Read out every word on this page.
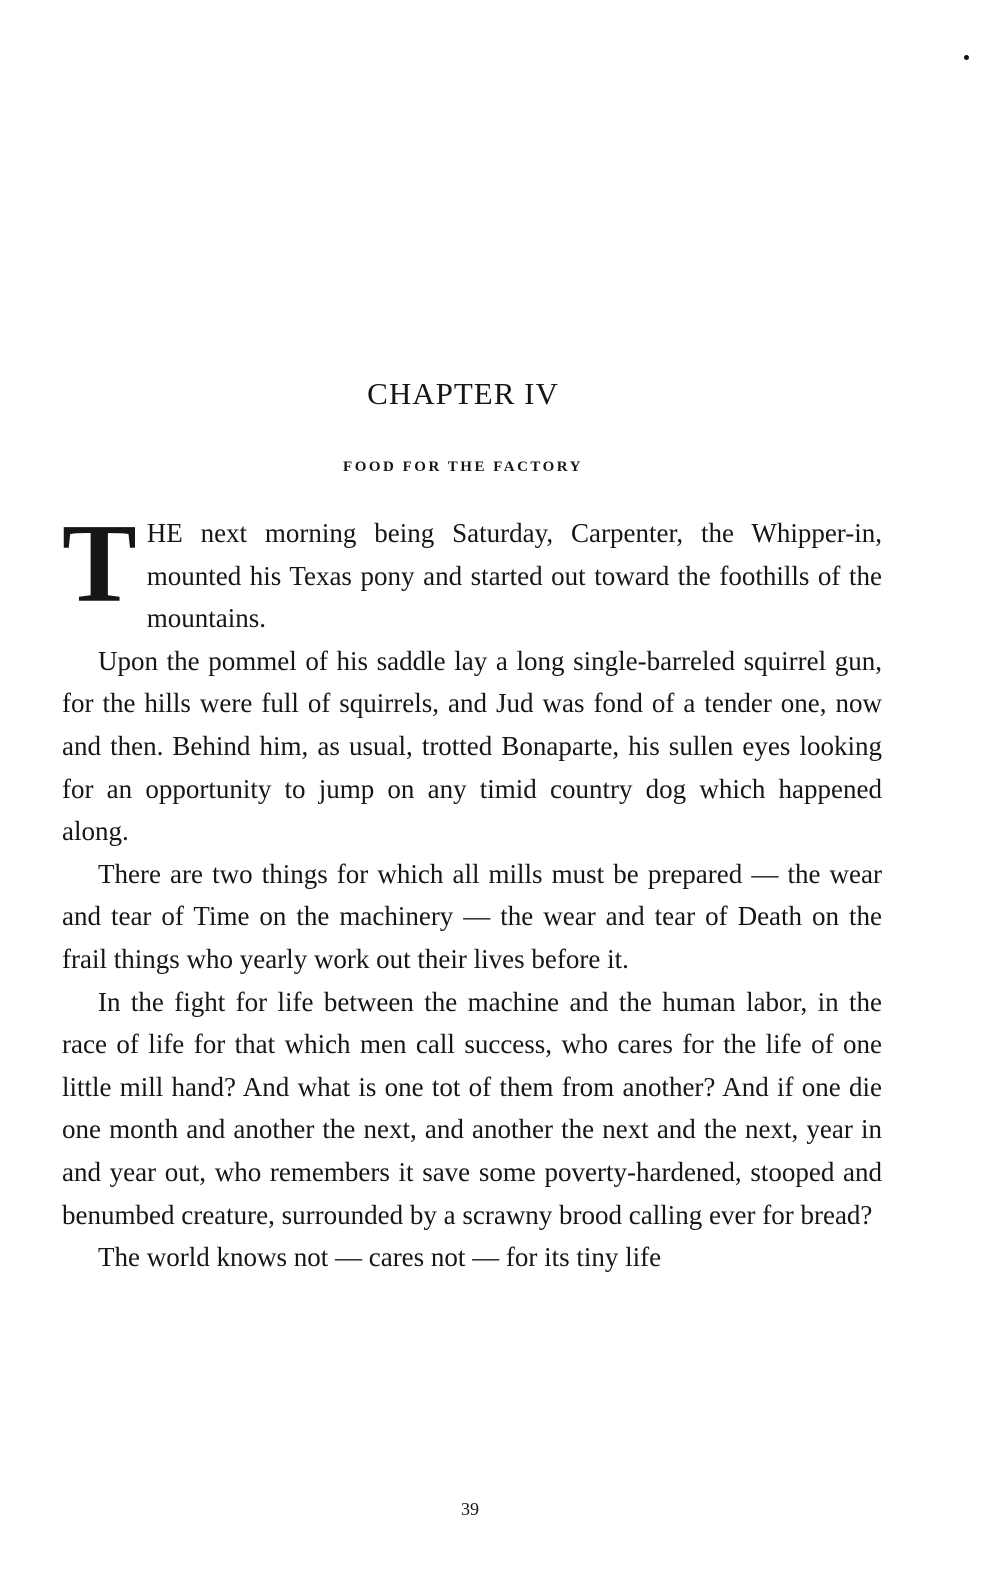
CHAPTER IV
FOOD FOR THE FACTORY

THE next morning being Saturday, Carpenter, the Whipper-in, mounted his Texas pony and started out toward the foothills of the mountains.

Upon the pommel of his saddle lay a long single-barreled squirrel gun, for the hills were full of squirrels, and Jud was fond of a tender one, now and then. Behind him, as usual, trotted Bonaparte, his sullen eyes looking for an opportunity to jump on any timid country dog which happened along.

There are two things for which all mills must be prepared — the wear and tear of Time on the machinery — the wear and tear of Death on the frail things who yearly work out their lives before it.

In the fight for life between the machine and the human labor, in the race of life for that which men call success, who cares for the life of one little mill hand? And what is one tot of them from another? And if one die one month and another the next, and another the next and the next, year in and year out, who remembers it save some poverty-hardened, stooped and benumbed creature, surrounded by a scrawny brood calling ever for bread?

The world knows not — cares not — for its tiny life

39
